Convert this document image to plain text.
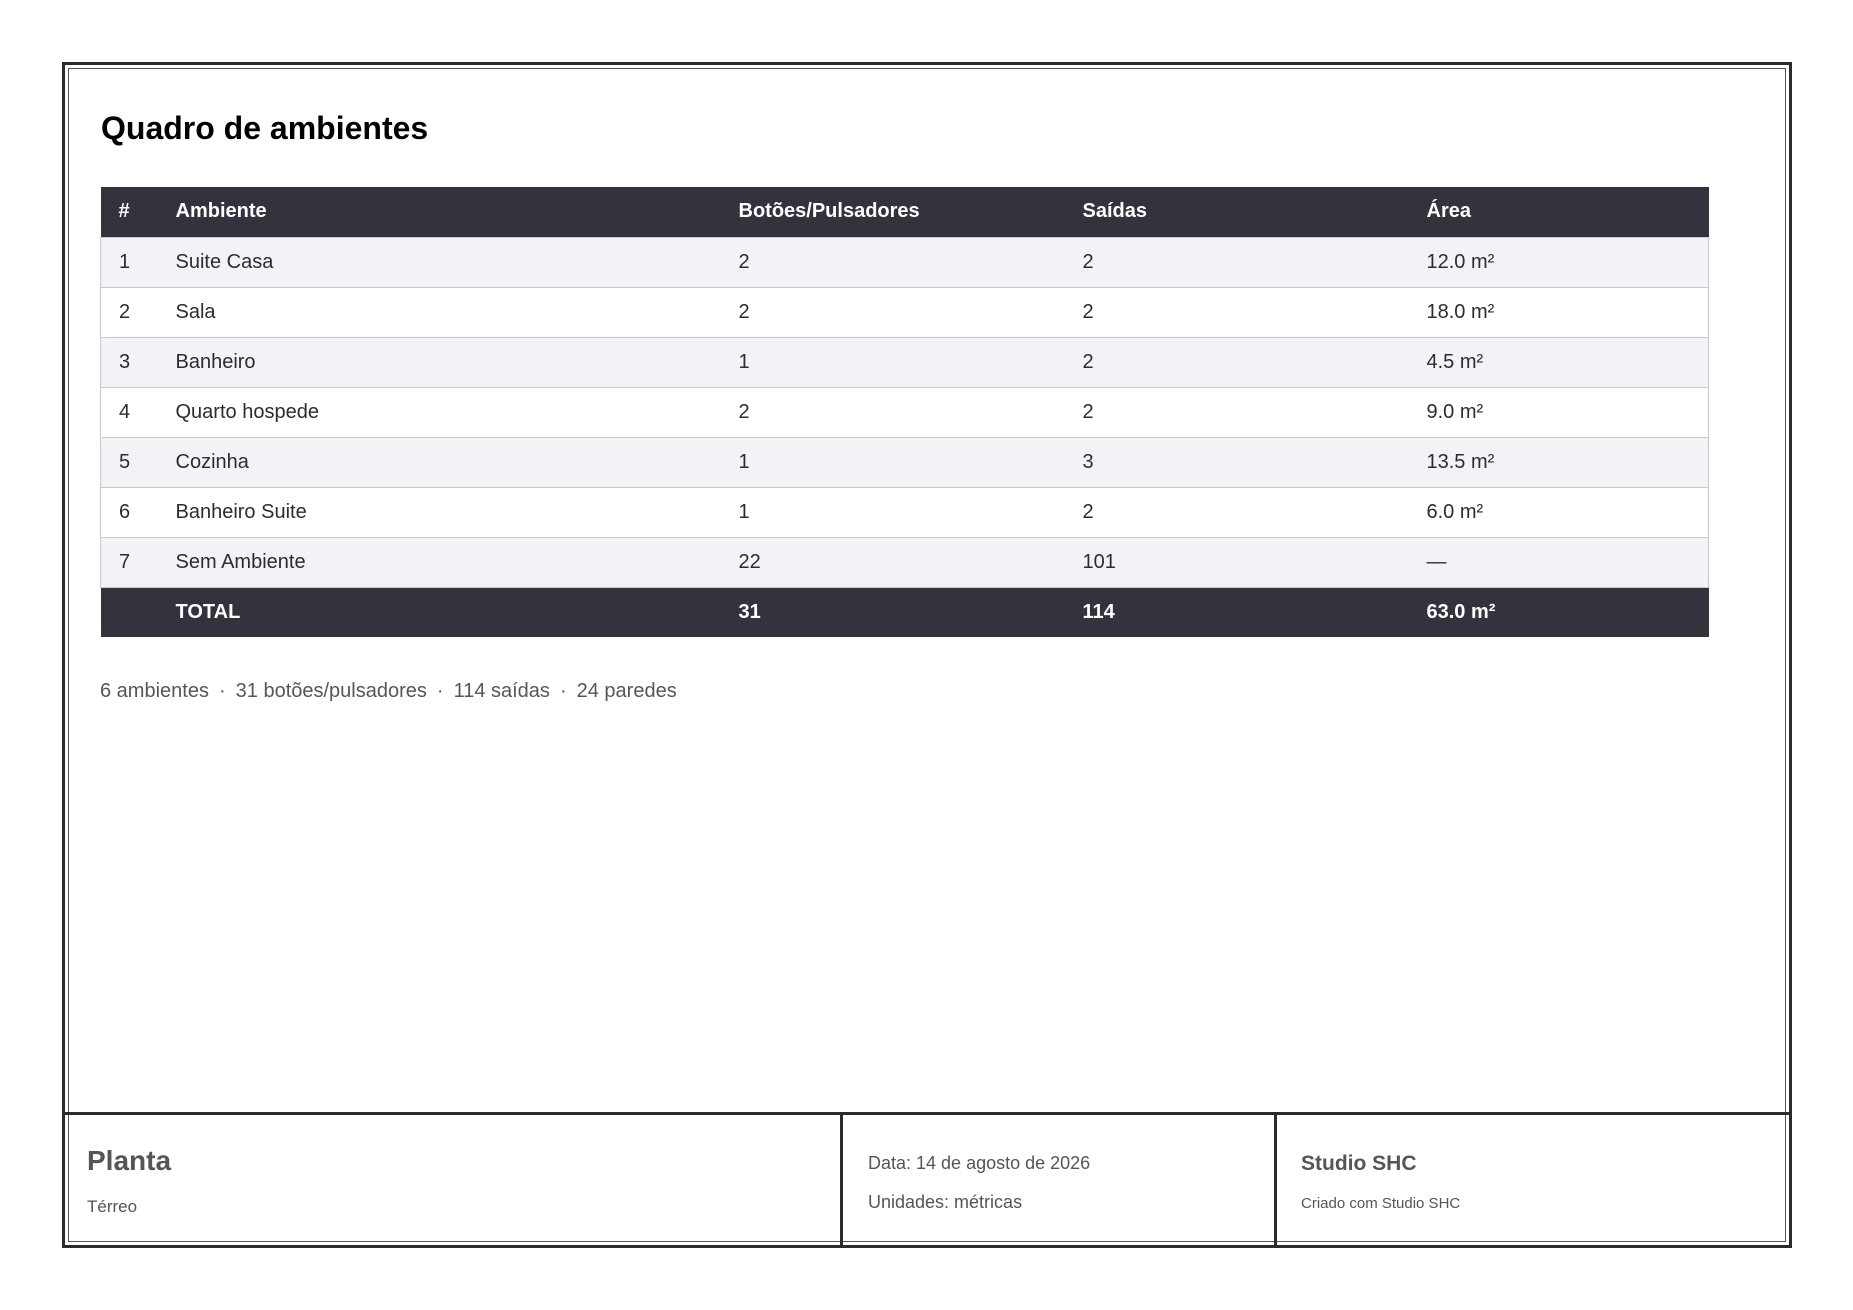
Quadro de ambientes
#	Ambiente	Botões/Pulsadores	Saídas	Área
1	Suite Casa	2	2	12.0 m²
2	Sala	2	2	18.0 m²
3	Banheiro	1	2	4.5 m²
4	Quarto hospede	2	2	9.0 m²
5	Cozinha	1	3	13.5 m²
6	Banheiro Suite	1	2	6.0 m²
7	Sem Ambiente	22	101	—
	TOTAL	31	114	63.0 m²
6 ambientes · 31 botões/pulsadores · 114 saídas · 24 paredes
Planta
Térreo
Data: 14 de agosto de 2026
Unidades: métricas
Studio SHC
Criado com Studio SHC
